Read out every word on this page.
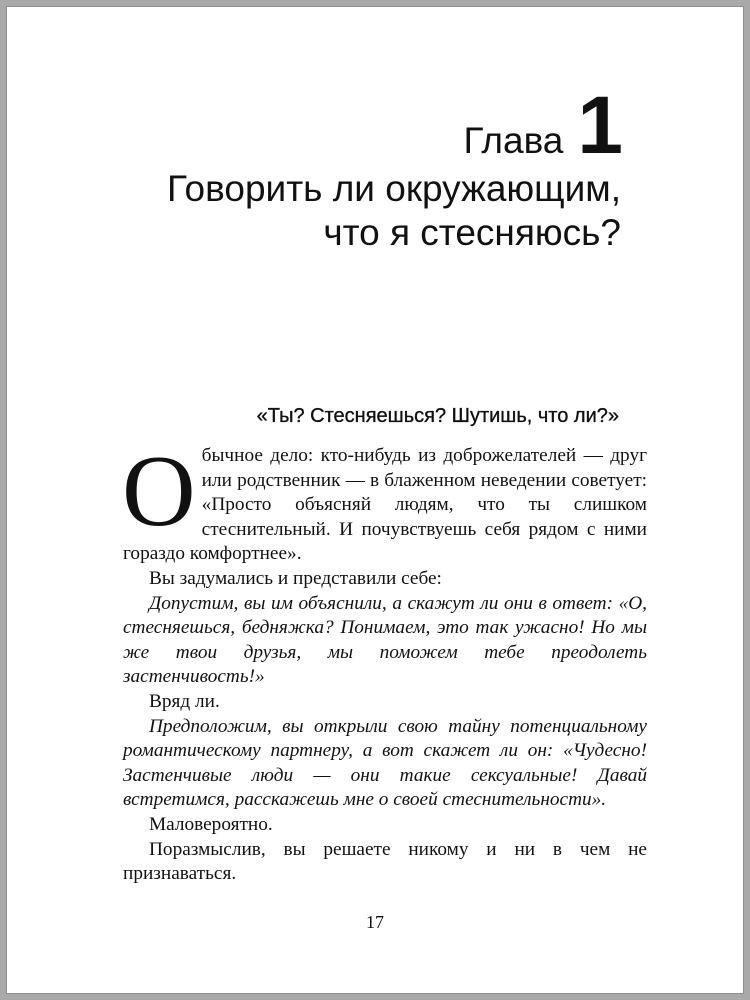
Глава 1
Говорить ли окружающим,
что я стесняюсь?
«Ты? Стесняешься? Шутишь, что ли?»

Обычное дело: кто-нибудь из доброжелателей — друг или родственник — в блаженном неведении советует: «Просто объясняй людям, что ты слишком стеснительный. И почувствуешь себя рядом с ними гораздо комфортнее».

Вы задумались и представили себе:

Допустим, вы им объяснили, а скажут ли они в ответ: «О, стесняешься, бедняжка? Понимаем, это так ужасно! Но мы же твои друзья, мы поможем тебе преодолеть застенчивость!»

Вряд ли.

Предположим, вы открыли свою тайну потенциальному романтическому партнеру, а вот скажет ли он: «Чудесно! Застенчивые люди — они такие сексуальные! Давай встретимся, расскажешь мне о своей стеснительности».

Маловероятно.

Поразмыслив, вы решаете никому и ни в чем не признаваться.

17
